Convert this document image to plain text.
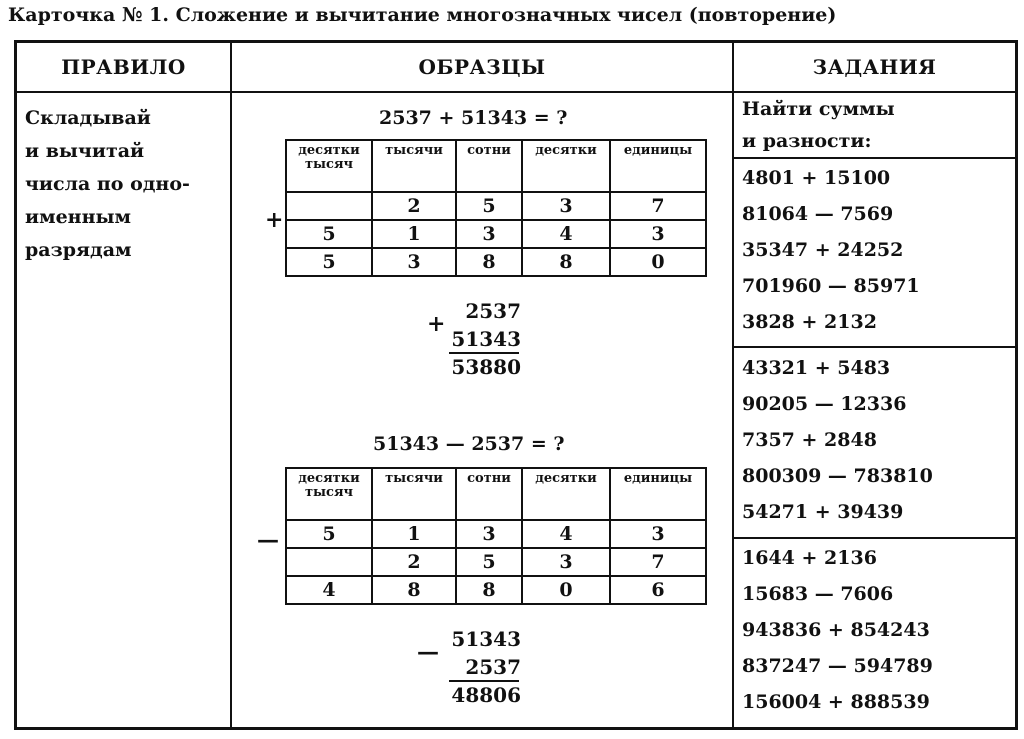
Карточка № 1. Сложение и вычитание многозначных чисел (повторение)
ПРАВИЛО	ОБРАЗЦЫ	ЗАДАНИЯ
Складывай
и вычитай
числа по одно-
именным
разрядам
2537 + 51343 = ?
+
десятки тысяч	тысячи	сотни	десятки	единицы
	2	5	3	7
5	1	3	4	3
5	3	8	8	0
+ 2537
51343
53880
51343 — 2537 = ?
—
десятки тысяч	тысячи	сотни	десятки	единицы
5	1	3	4	3
	2	5	3	7
4	8	8	0	6
— 51343
2537
48806
Найти суммы
и разности:
4801 + 15100
81064 — 7569
35347 + 24252
701960 — 85971
3828 + 2132
43321 + 5483
90205 — 12336
7357 + 2848
800309 — 783810
54271 + 39439
1644 + 2136
15683 — 7606
943836 + 854243
837247 — 594789
156004 + 888539
